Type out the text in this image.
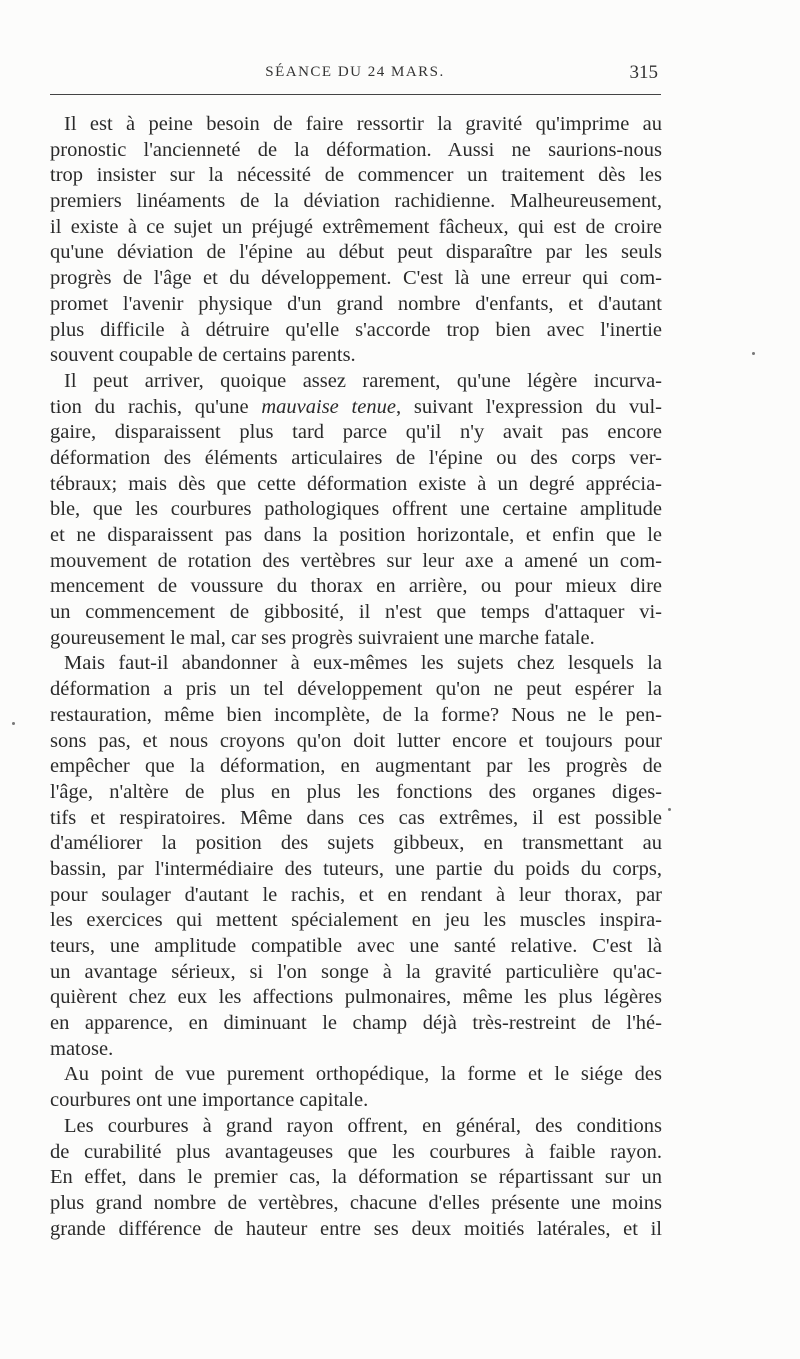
SÉANCE DU 24 MARS.	315
Il est à peine besoin de faire ressortir la gravité qu'imprime au
pronostic l'ancienneté de la déformation. Aussi ne saurions-nous
trop insister sur la nécessité de commencer un traitement dès les
premiers linéaments de la déviation rachidienne. Malheureusement,
il existe à ce sujet un préjugé extrêmement fâcheux, qui est de croire
qu'une déviation de l'épine au début peut disparaître par les seuls
progrès de l'âge et du développement. C'est là une erreur qui com-
promet l'avenir physique d'un grand nombre d'enfants, et d'autant
plus difficile à détruire qu'elle s'accorde trop bien avec l'inertie
souvent coupable de certains parents.
Il peut arriver, quoique assez rarement, qu'une légère incurva-
tion du rachis, qu'une mauvaise tenue, suivant l'expression du vul-
gaire, disparaissent plus tard parce qu'il n'y avait pas encore
déformation des éléments articulaires de l'épine ou des corps ver-
tébraux; mais dès que cette déformation existe à un degré apprécia-
ble, que les courbures pathologiques offrent une certaine amplitude
et ne disparaissent pas dans la position horizontale, et enfin que le
mouvement de rotation des vertèbres sur leur axe a amené un com-
mencement de voussure du thorax en arrière, ou pour mieux dire
un commencement de gibbosité, il n'est que temps d'attaquer vi-
goureusement le mal, car ses progrès suivraient une marche fatale.
Mais faut-il abandonner à eux-mêmes les sujets chez lesquels la
déformation a pris un tel développement qu'on ne peut espérer la
restauration, même bien incomplète, de la forme? Nous ne le pen-
sons pas, et nous croyons qu'on doit lutter encore et toujours pour
empêcher que la déformation, en augmentant par les progrès de
l'âge, n'altère de plus en plus les fonctions des organes diges-
tifs et respiratoires. Même dans ces cas extrêmes, il est possible
d'améliorer la position des sujets gibbeux, en transmettant au
bassin, par l'intermédiaire des tuteurs, une partie du poids du corps,
pour soulager d'autant le rachis, et en rendant à leur thorax, par
les exercices qui mettent spécialement en jeu les muscles inspira-
teurs, une amplitude compatible avec une santé relative. C'est là
un avantage sérieux, si l'on songe à la gravité particulière qu'ac-
quièrent chez eux les affections pulmonaires, même les plus légères
en apparence, en diminuant le champ déjà très-restreint de l'hé-
matose.
Au point de vue purement orthopédique, la forme et le siége des
courbures ont une importance capitale.
Les courbures à grand rayon offrent, en général, des conditions
de curabilité plus avantageuses que les courbures à faible rayon.
En effet, dans le premier cas, la déformation se répartissant sur un
plus grand nombre de vertèbres, chacune d'elles présente une moins
grande différence de hauteur entre ses deux moitiés latérales, et il
